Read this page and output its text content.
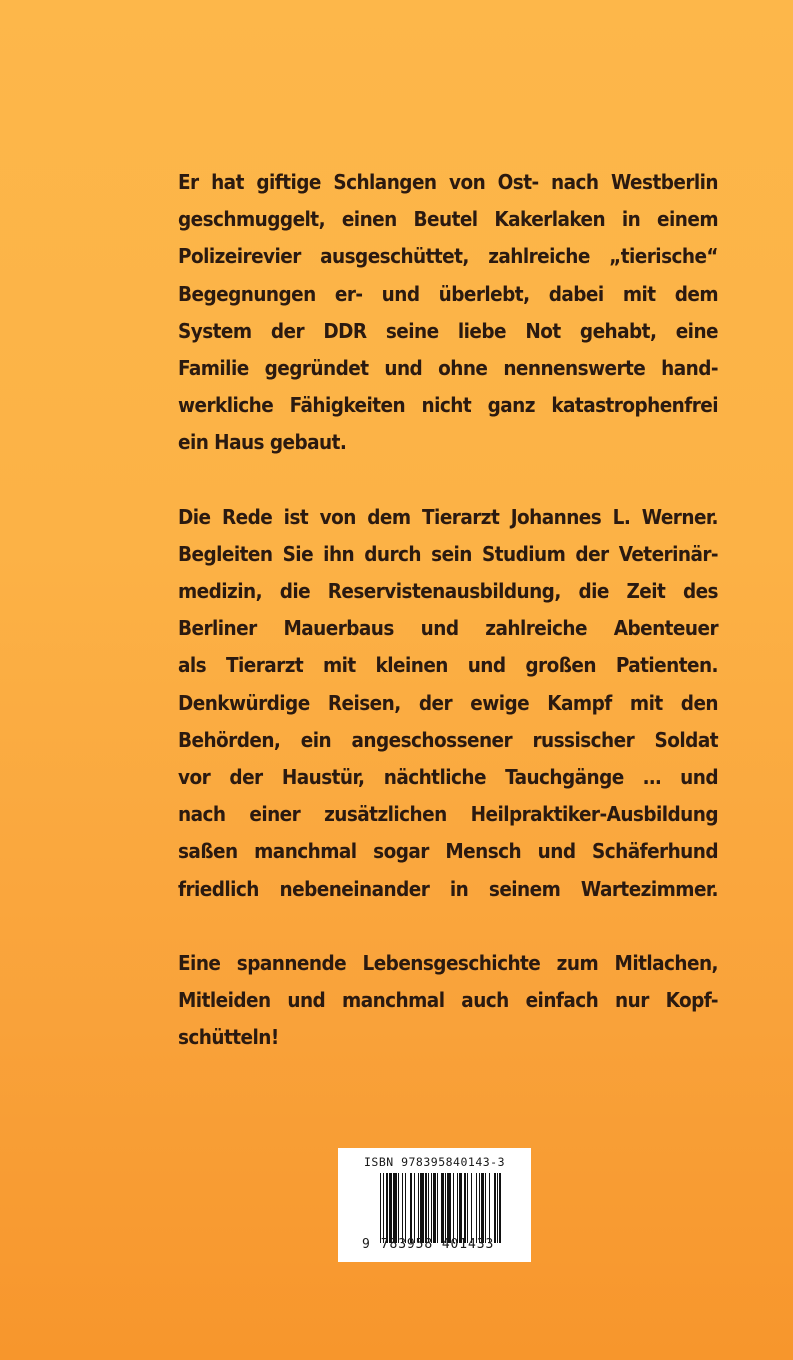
Er hat giftige Schlangen von Ost- nach Westberlin
geschmuggelt, einen Beutel Kakerlaken in einem
Polizeirevier ausgeschüttet, zahlreiche „tierische“
Begegnungen er- und überlebt, dabei mit dem
System der DDR seine liebe Not gehabt, eine
Familie gegründet und ohne nennenswerte hand-
werkliche Fähigkeiten nicht ganz katastrophenfrei
ein Haus gebaut.
Die Rede ist von dem Tierarzt Johannes L. Werner.
Begleiten Sie ihn durch sein Studium der Veterinär-
medizin, die Reservistenausbildung, die Zeit des
Berliner Mauerbaus und zahlreiche Abenteuer
als Tierarzt mit kleinen und großen Patienten.
Denkwürdige Reisen, der ewige Kampf mit den
Behörden, ein angeschossener russischer Soldat
vor der Haustür, nächtliche Tauchgänge … und
nach einer zusätzlichen Heilpraktiker-Ausbildung
saßen manchmal sogar Mensch und Schäferhund
friedlich nebeneinander in seinem Wartezimmer.
Eine spannende Lebensgeschichte zum Mitlachen,
Mitleiden und manchmal auch einfach nur Kopf-
schütteln!
ISBN 978395840143-3
9 783958 401433
